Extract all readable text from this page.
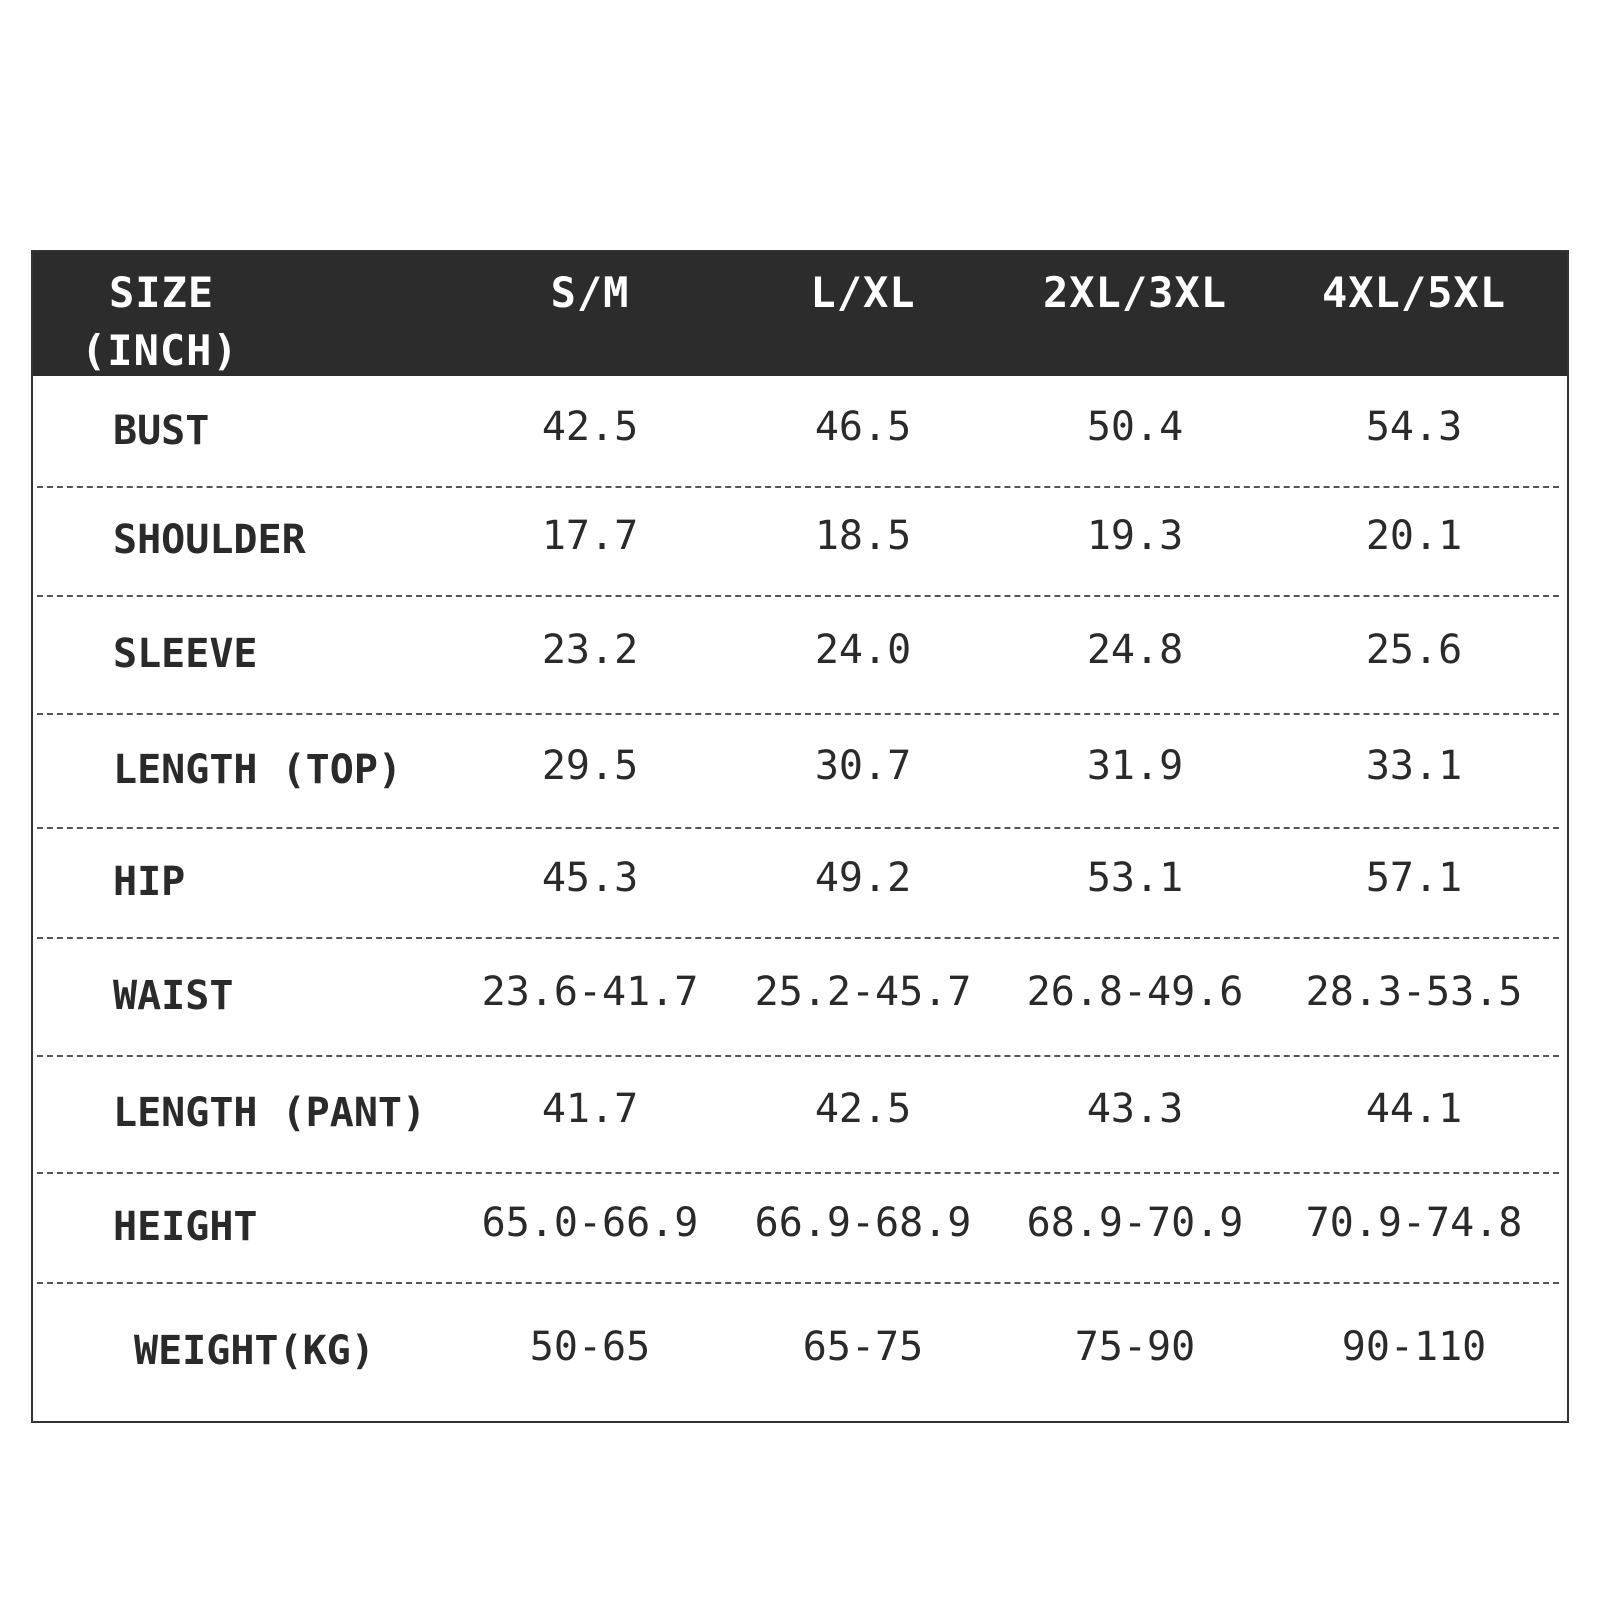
SIZE
(INCH)
S/M	L/XL	2XL/3XL	4XL/5XL
BUST	42.5	46.5	50.4	54.3
SHOULDER	17.7	18.5	19.3	20.1
SLEEVE	23.2	24.0	24.8	25.6
LENGTH (TOP)	29.5	30.7	31.9	33.1
HIP	45.3	49.2	53.1	57.1
WAIST	23.6-41.7	25.2-45.7	26.8-49.6	28.3-53.5
LENGTH (PANT)	41.7	42.5	43.3	44.1
HEIGHT	65.0-66.9	66.9-68.9	68.9-70.9	70.9-74.8
WEIGHT(KG)	50-65	65-75	75-90	90-110
